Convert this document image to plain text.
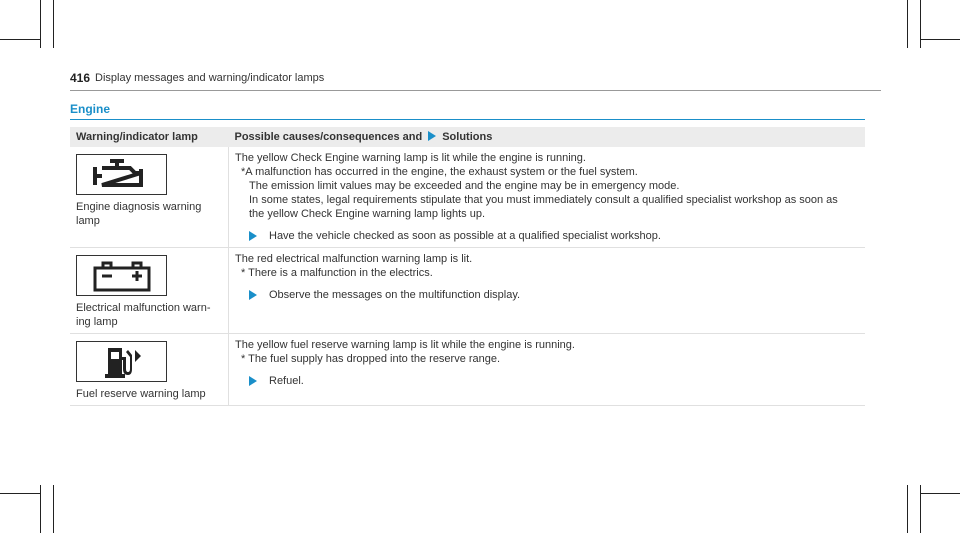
416 Display messages and warning/indicator lamps
Engine
Warning/indicator lamp	Possible causes/consequences and Solutions

Engine diagnosis warning lamp	The yellow Check Engine warning lamp is lit while the engine is running.

*A malfunction has occurred in the engine, the exhaust system or the fuel system.

The emission limit values may be exceeded and the engine may be in emergency mode.

In some states, legal requirements stipulate that you must immediately consult a qualified specialist workshop as soon as the yellow Check Engine warning lamp lights up.

Have the vehicle checked as soon as possible at a qualified specialist workshop.

Electrical malfunction warn-ing lamp	The red electrical malfunction warning lamp is lit.

* There is a malfunction in the electrics.

Observe the messages on the multifunction display.

Fuel reserve warning lamp	The yellow fuel reserve warning lamp is lit while the engine is running.

* The fuel supply has dropped into the reserve range.

Refuel.
